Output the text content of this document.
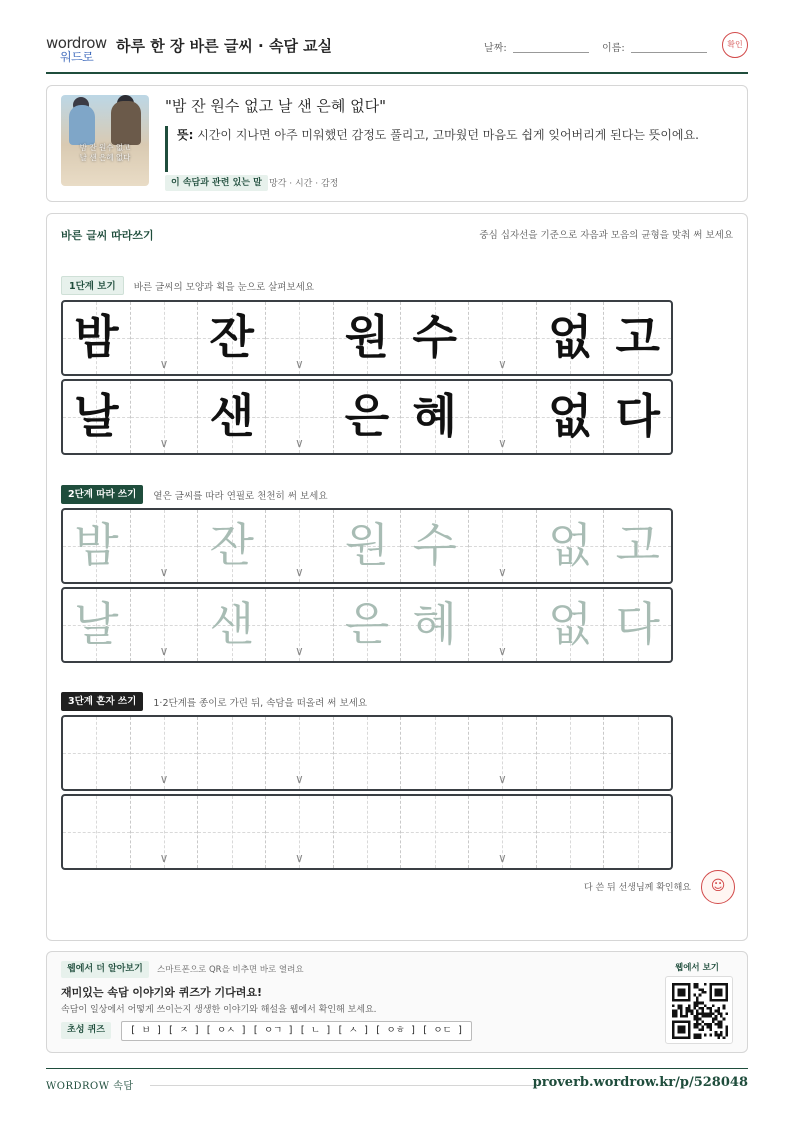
wordrow
워드로
하루 한 장 바른 글씨 · 속담 교실	날짜:	이름:	확인
밤 잔 원수 없고
날 샌 은혜 없다
"밤 잔 원수 없고 날 샌 은혜 없다"
뜻: 시간이 지나면 아주 미워했던 감정도 풀리고, 고마웠던 마음도 쉽게 잊어버리게 된다는 뜻이에요.
이 속담과 관련 있는 말 망각 · 시간 · 감정
바른 글씨 따라쓰기	중심 십자선을 기준으로 자음과 모음의 균형을 맞춰 써 보세요
1단계 보기 바른 글씨의 모양과 획을 눈으로 살펴보세요
밤	∨ 잔	∨ 원 수	∨ 없 고
날	∨ 샌	∨ 은 혜	∨ 없 다
2단계 따라 쓰기 옅은 글씨를 따라 연필로 천천히 써 보세요
밤	∨ 잔	∨ 원 수	∨ 없 고
날	∨ 샌	∨ 은 혜	∨ 없 다
3단계 혼자 쓰기 1·2단계를 종이로 가린 뒤, 속담을 떠올려 써 보세요
∨	∨	∨
∨	∨	∨
다 쓴 뒤 선생님께 확인해요	☺
웹에서 더 알아보기	스마트폰으로 QR을 비추면 바로 열려요
재미있는 속담 이야기와 퀴즈가 기다려요!
속담이 일상에서 어떻게 쓰이는지 생생한 이야기와 해설을 웹에서 확인해 보세요.
초성 퀴즈	[ ㅂ ] [ ㅈ ] [ ㅇㅅ ] [ ㅇㄱ ] [ ㄴ ] [ ㅅ ] [ ㅇㅎ ] [ ㅇㄷ ]
웹에서 보기
WORDROW 속담	proverb.wordrow.kr/p/528048
